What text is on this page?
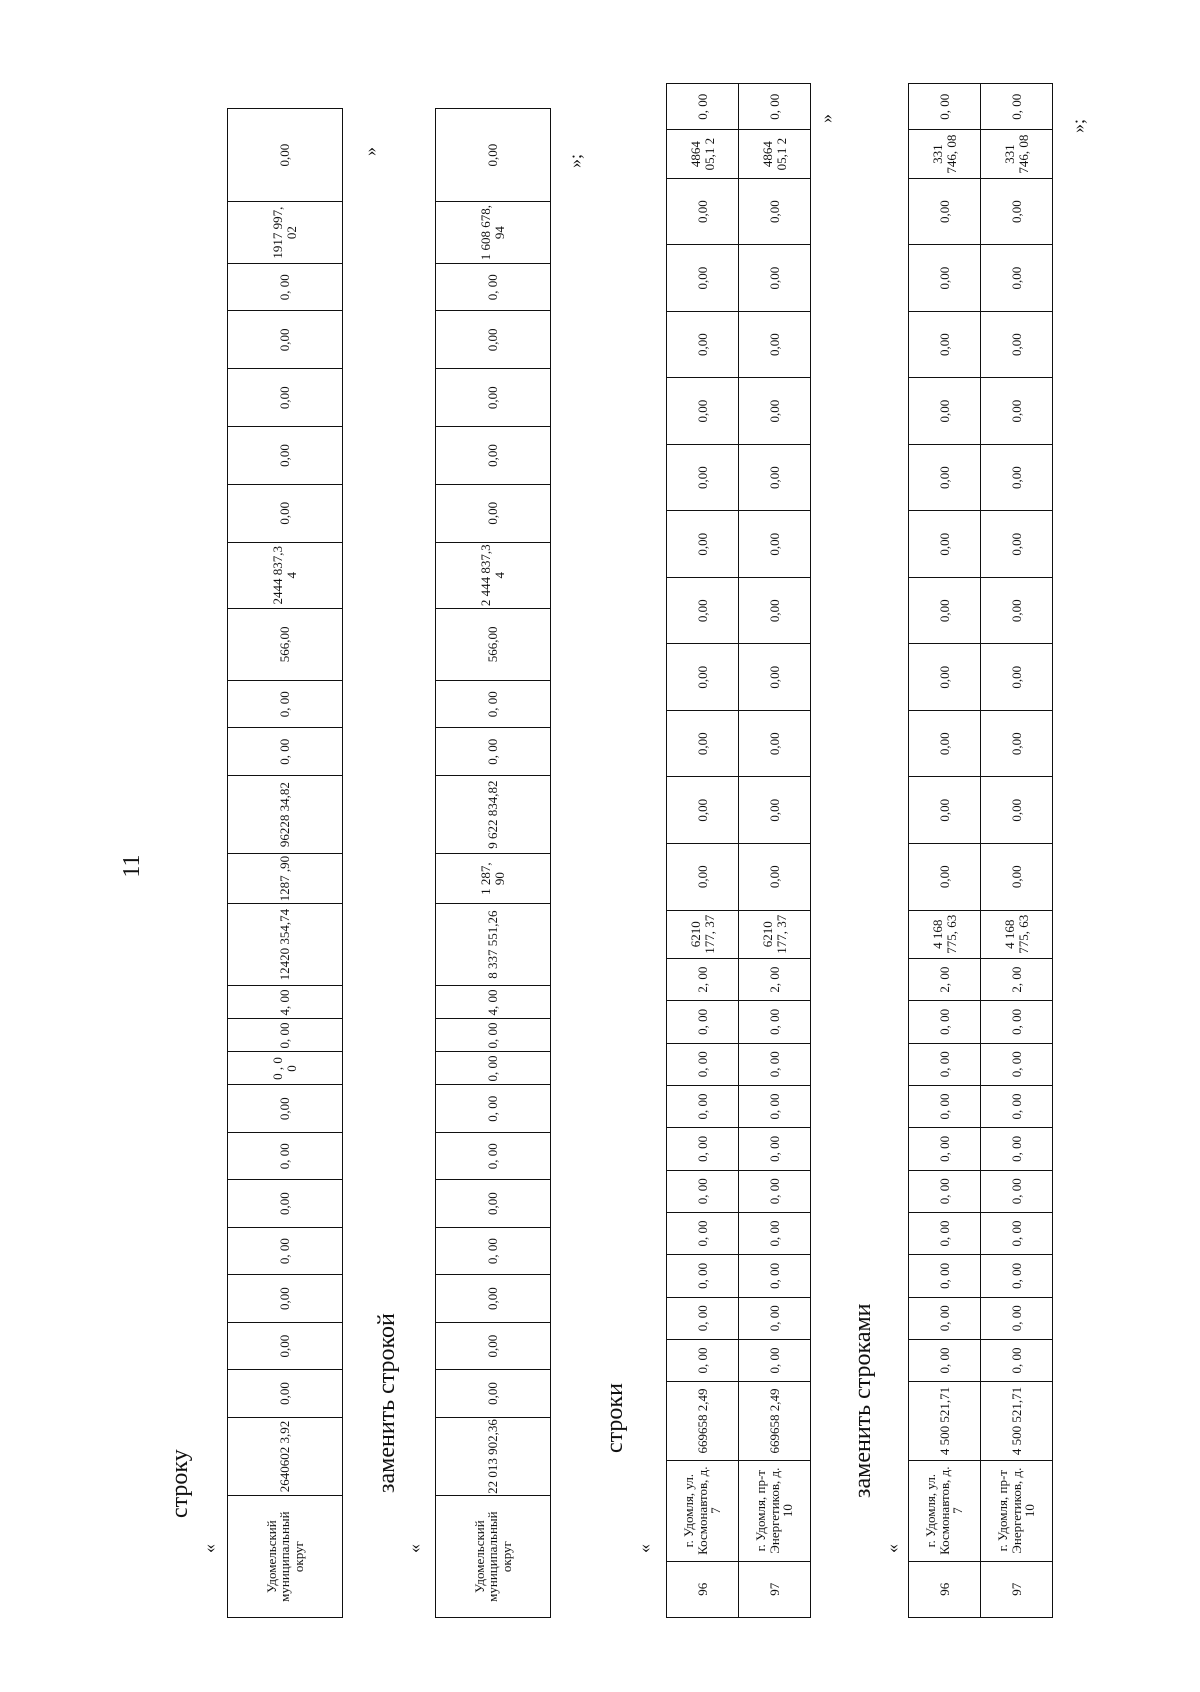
11
строку
«
»
Удомельский муниципальный округ	2640602 3,92	0,00	0,00	0,00	0, 00	0,00	0, 00	0,00	0 , 0 0	0, 00	4, 00	12420 354,74	1287 ,90	96228 34,82	0, 00	0, 00	566,00	2444 837,3 4	0,00	0,00	0,00	0,00	0, 00	1917 997, 02	0,00
заменить строкой
«
»;
Удомельский муниципальный округ	22 013 902,36	0,00	0,00	0,00	0, 00	0,00	0, 00	0, 00	0, 00	0, 00	4, 00	8 337 551,26	1 287, 90	9 622 834,82	0, 00	0, 00	566,00	2 444 837,3 4	0,00	0,00	0,00	0,00	0, 00	1 608 678, 94	0,00
строки
«
»
96	г. Удомля, ул. Космонавтов, д. 7	669658 2,49	0, 00	0, 00	0, 00	0, 00	0, 00	0, 00	0, 00	0, 00	0, 00	2, 00	6210 177, 37	0,00	0,00	0,00	0,00	0,00	0,00	0,00	0,00	0,00	0,00	0,00	4864 05,1 2	0, 00
97	г. Удомля, пр-т Энергетиков, д. 10	669658 2,49	0, 00	0, 00	0, 00	0, 00	0, 00	0, 00	0, 00	0, 00	0, 00	2, 00	6210 177, 37	0,00	0,00	0,00	0,00	0,00	0,00	0,00	0,00	0,00	0,00	0,00	4864 05,1 2	0, 00
заменить строками
«
»;
96	г. Удомля, ул. Космонавтов, д. 7	4 500 521,71	0, 00	0, 00	0, 00	0, 00	0, 00	0, 00	0, 00	0, 00	0, 00	2, 00	4 168 775, 63	0,00	0,00	0,00	0,00	0,00	0,00	0,00	0,00	0,00	0,00	0,00	331 746, 08	0, 00
97	г. Удомля, пр-т Энергетиков, д. 10	4 500 521,71	0, 00	0, 00	0, 00	0, 00	0, 00	0, 00	0, 00	0, 00	0, 00	2, 00	4 168 775, 63	0,00	0,00	0,00	0,00	0,00	0,00	0,00	0,00	0,00	0,00	0,00	331 746, 08	0, 00
